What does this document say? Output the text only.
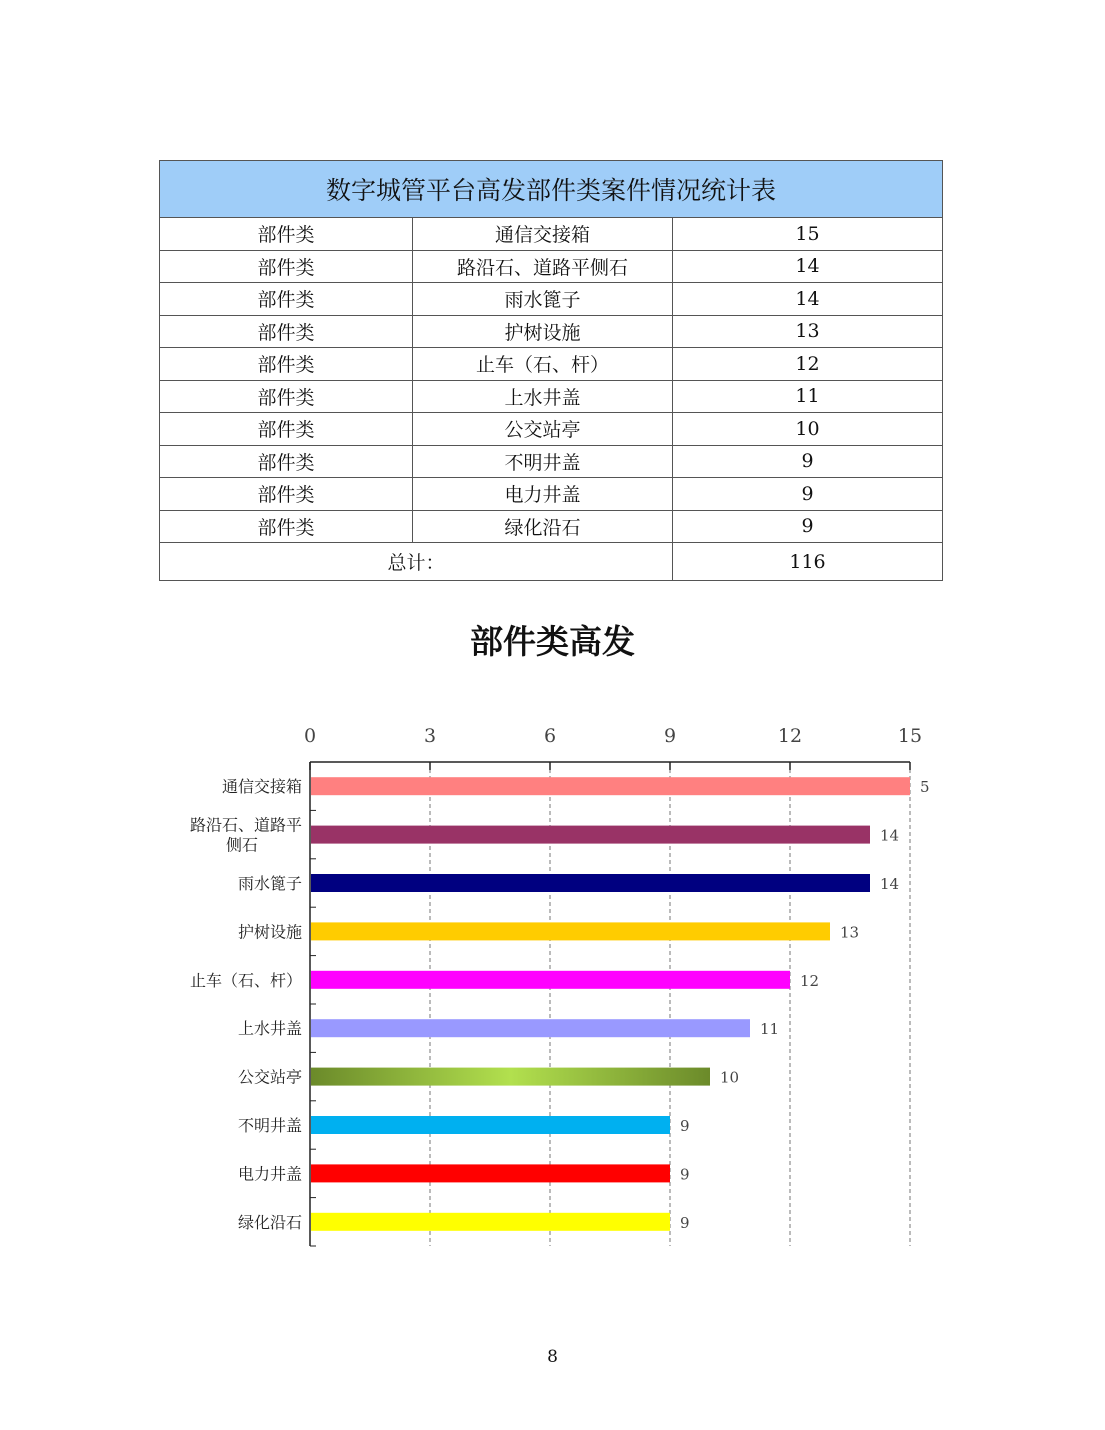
数字城管平台高发部件类案件情况统计表		
部件类	通信交接箱	15
部件类	路沿石、道路平侧石	14
部件类	雨水篦子	14
部件类	护树设施	13
部件类	止车（石、杆）	12
部件类	上水井盖	11
部件类	公交站亭	10
部件类	不明井盖	9
部件类	电力井盖	9
部件类	绿化沿石	9
总计：		116
部件类高发
0	3	6	9	12	15
5
通信交接箱
14
路沿石、道路平侧石
14
雨水篦子
13
护树设施
12
止车（石、杆）
11
上水井盖
10
公交站亭
9
不明井盖
9
电力井盖
9
绿化沿石
8
